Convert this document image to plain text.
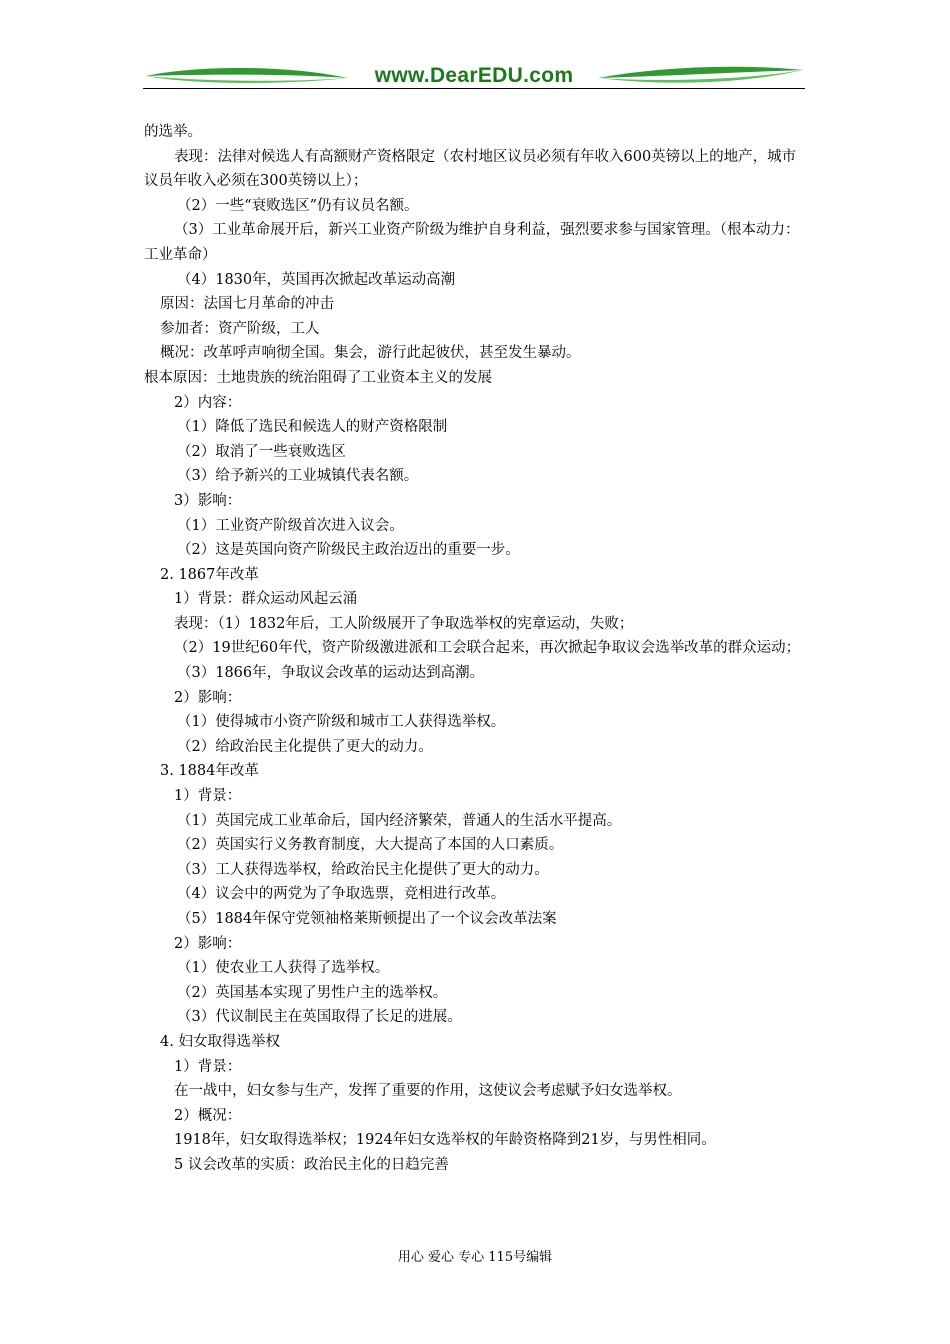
www.DearEDU.com

的选举。

表现：法律对候选人有高额财产资格限定（农村地区议员必须有年收入600英镑以上的地产，城市议员年收入必须在300英镑以上）；

（2）一些“衰败选区”仍有议员名额。

（3）工业革命展开后，新兴工业资产阶级为维护自身利益，强烈要求参与国家管理。（根本动力：工业革命）

（4）1830年，英国再次掀起改革运动高潮

原因：法国七月革命的冲击

参加者：资产阶级，工人

概况：改革呼声响彻全国。集会，游行此起彼伏，甚至发生暴动。

根本原因：土地贵族的统治阻碍了工业资本主义的发展

2）内容：

（1）降低了选民和候选人的财产资格限制

（2）取消了一些衰败选区

（3）给予新兴的工业城镇代表名额。

3）影响：

（1）工业资产阶级首次进入议会。

（2）这是英国向资产阶级民主政治迈出的重要一步。

2. 1867年改革

1）背景：群众运动风起云涌

表现：（1）1832年后，工人阶级展开了争取选举权的宪章运动，失败；

（2）19世纪60年代，资产阶级激进派和工会联合起来，再次掀起争取议会选举改革的群众运动；

（3）1866年，争取议会改革的运动达到高潮。

2）影响：

（1）使得城市小资产阶级和城市工人获得选举权。

（2）给政治民主化提供了更大的动力。

3. 1884年改革

1）背景：

（1）英国完成工业革命后，国内经济繁荣，普通人的生活水平提高。

（2）英国实行义务教育制度，大大提高了本国的人口素质。

（3）工人获得选举权，给政治民主化提供了更大的动力。

（4）议会中的两党为了争取选票，竞相进行改革。

（5）1884年保守党领袖格莱斯顿提出了一个议会改革法案

2）影响：

（1）使农业工人获得了选举权。

（2）英国基本实现了男性户主的选举权。

（3）代议制民主在英国取得了长足的进展。

4. 妇女取得选举权

1）背景：

在一战中，妇女参与生产，发挥了重要的作用，这使议会考虑赋予妇女选举权。

2）概况：

1918年，妇女取得选举权；1924年妇女选举权的年龄资格降到21岁，与男性相同。

5 议会改革的实质：政治民主化的日趋完善

用心 爱心 专心 115号编辑
